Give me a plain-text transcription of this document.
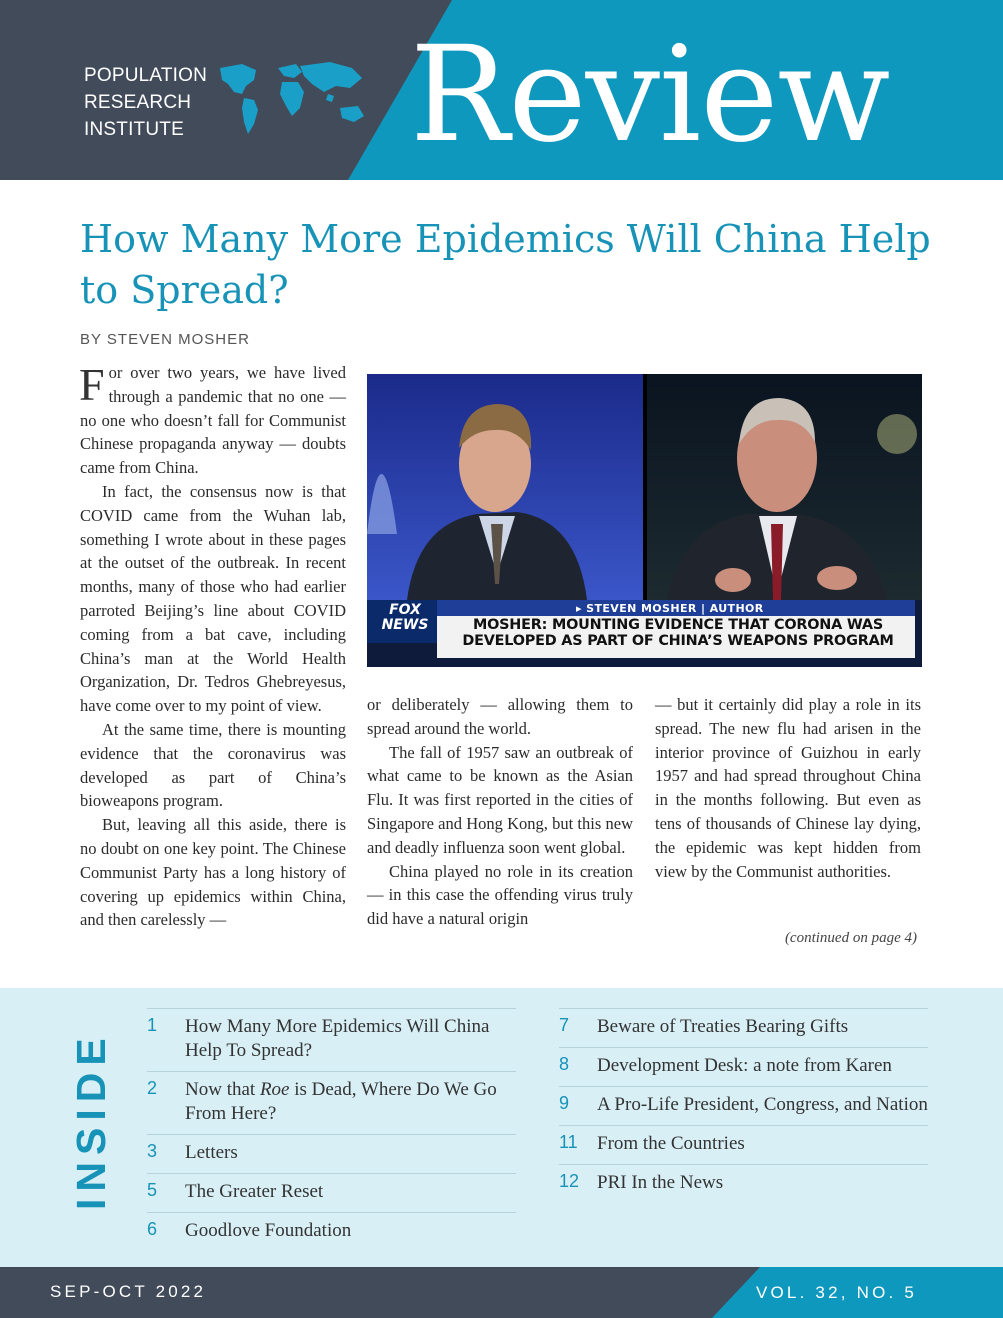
POPULATION
RESEARCH
INSTITUTE Review
How Many More Epidemics Will China Help to Spread?
BY STEVEN MOSHER

For over two years, we have lived through a pandemic that no one — no one who doesn’t fall for Communist Chinese propaganda anyway — doubts came from China.

In fact, the consensus now is that COVID came from the Wuhan lab, something I wrote about in these pages at the outset of the outbreak. In recent months, many of those who had earlier parroted Beijing’s line about COVID coming from a bat cave, including China’s man at the World Health Organization, Dr. Tedros Ghebreyesus, have come over to my point of view.

At the same time, there is mounting evidence that the coronavirus was developed as part of China’s bioweapons program.

But, leaving all this aside, there is no doubt on one key point. The Chinese Communist Party has a long history of covering up epidemics within China, and then carelessly —

FOX
NEWS
▸ STEVEN MOSHER | AUTHOR
MOSHER: MOUNTING EVIDENCE THAT CORONA WAS
DEVELOPED AS PART OF CHINA’S WEAPONS PROGRAM

or deliberately — allowing them to spread around the world.

The fall of 1957 saw an outbreak of what came to be known as the Asian Flu. It was first reported in the cities of Singapore and Hong Kong, but this new and deadly influenza soon went global.

China played no role in its creation — in this case the offending virus truly did have a natural origin

— but it certainly did play a role in its spread. The new flu had arisen in the interior province of Guizhou in early 1957 and had spread throughout China in the months following. But even as tens of thousands of Chinese lay dying, the epidemic was kept hidden from view by the Communist authorities.

(continued on page 4)
INSIDE
1 How Many More Epidemics Will China Help To Spread?
2 Now that Roe is Dead, Where Do We Go From Here?
3 Letters
5 The Greater Reset
6 Goodlove Foundation
7 Beware of Treaties Bearing Gifts
8 Development Desk: a note from Karen
9 A Pro-Life President, Congress, and Nation
11 From the Countries
12 PRI In the News
SEP-OCT 2022	VOL. 32, NO. 5
